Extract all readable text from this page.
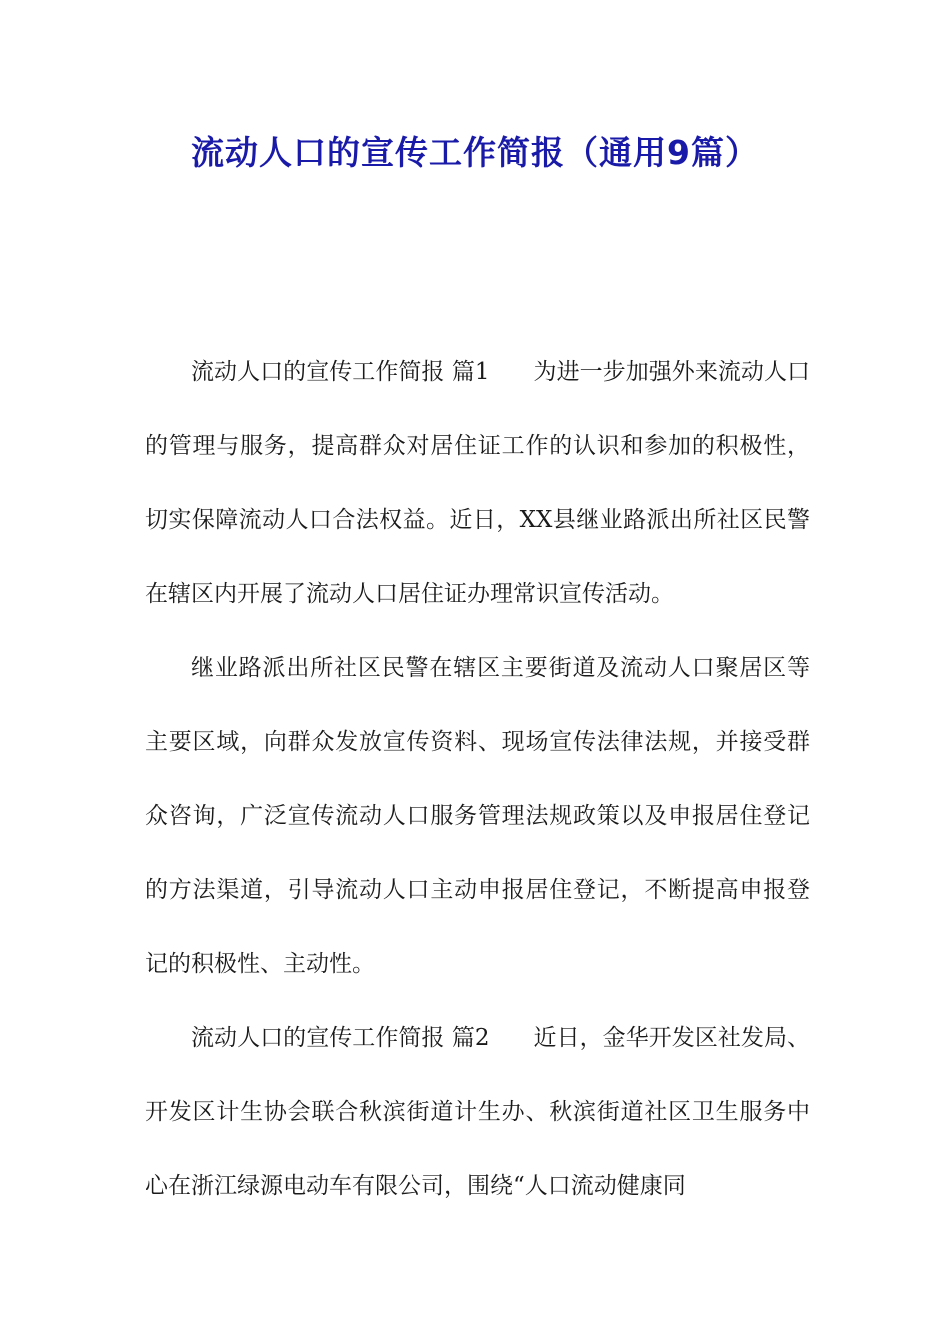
流动人口的宣传工作简报（通用9篇）

流动人口的宣传工作简报 篇1 为进一步加强外来流动人口的管理与服务，提高群众对居住证工作的认识和参加的积极性，切实保障流动人口合法权益。近日，XX县继业路派出所社区民警在辖区内开展了流动人口居住证办理常识宣传活动。

继业路派出所社区民警在辖区主要街道及流动人口聚居区等主要区域，向群众发放宣传资料、现场宣传法律法规，并接受群众咨询，广泛宣传流动人口服务管理法规政策以及申报居住登记的方法渠道，引导流动人口主动申报居住登记，不断提高申报登记的积极性、主动性。

流动人口的宣传工作简报 篇2 近日，金华开发区社发局、开发区计生协会联合秋滨街道计生办、秋滨街道社区卫生服务中心在浙江绿源电动车有限公司，围绕“人口流动健康同
